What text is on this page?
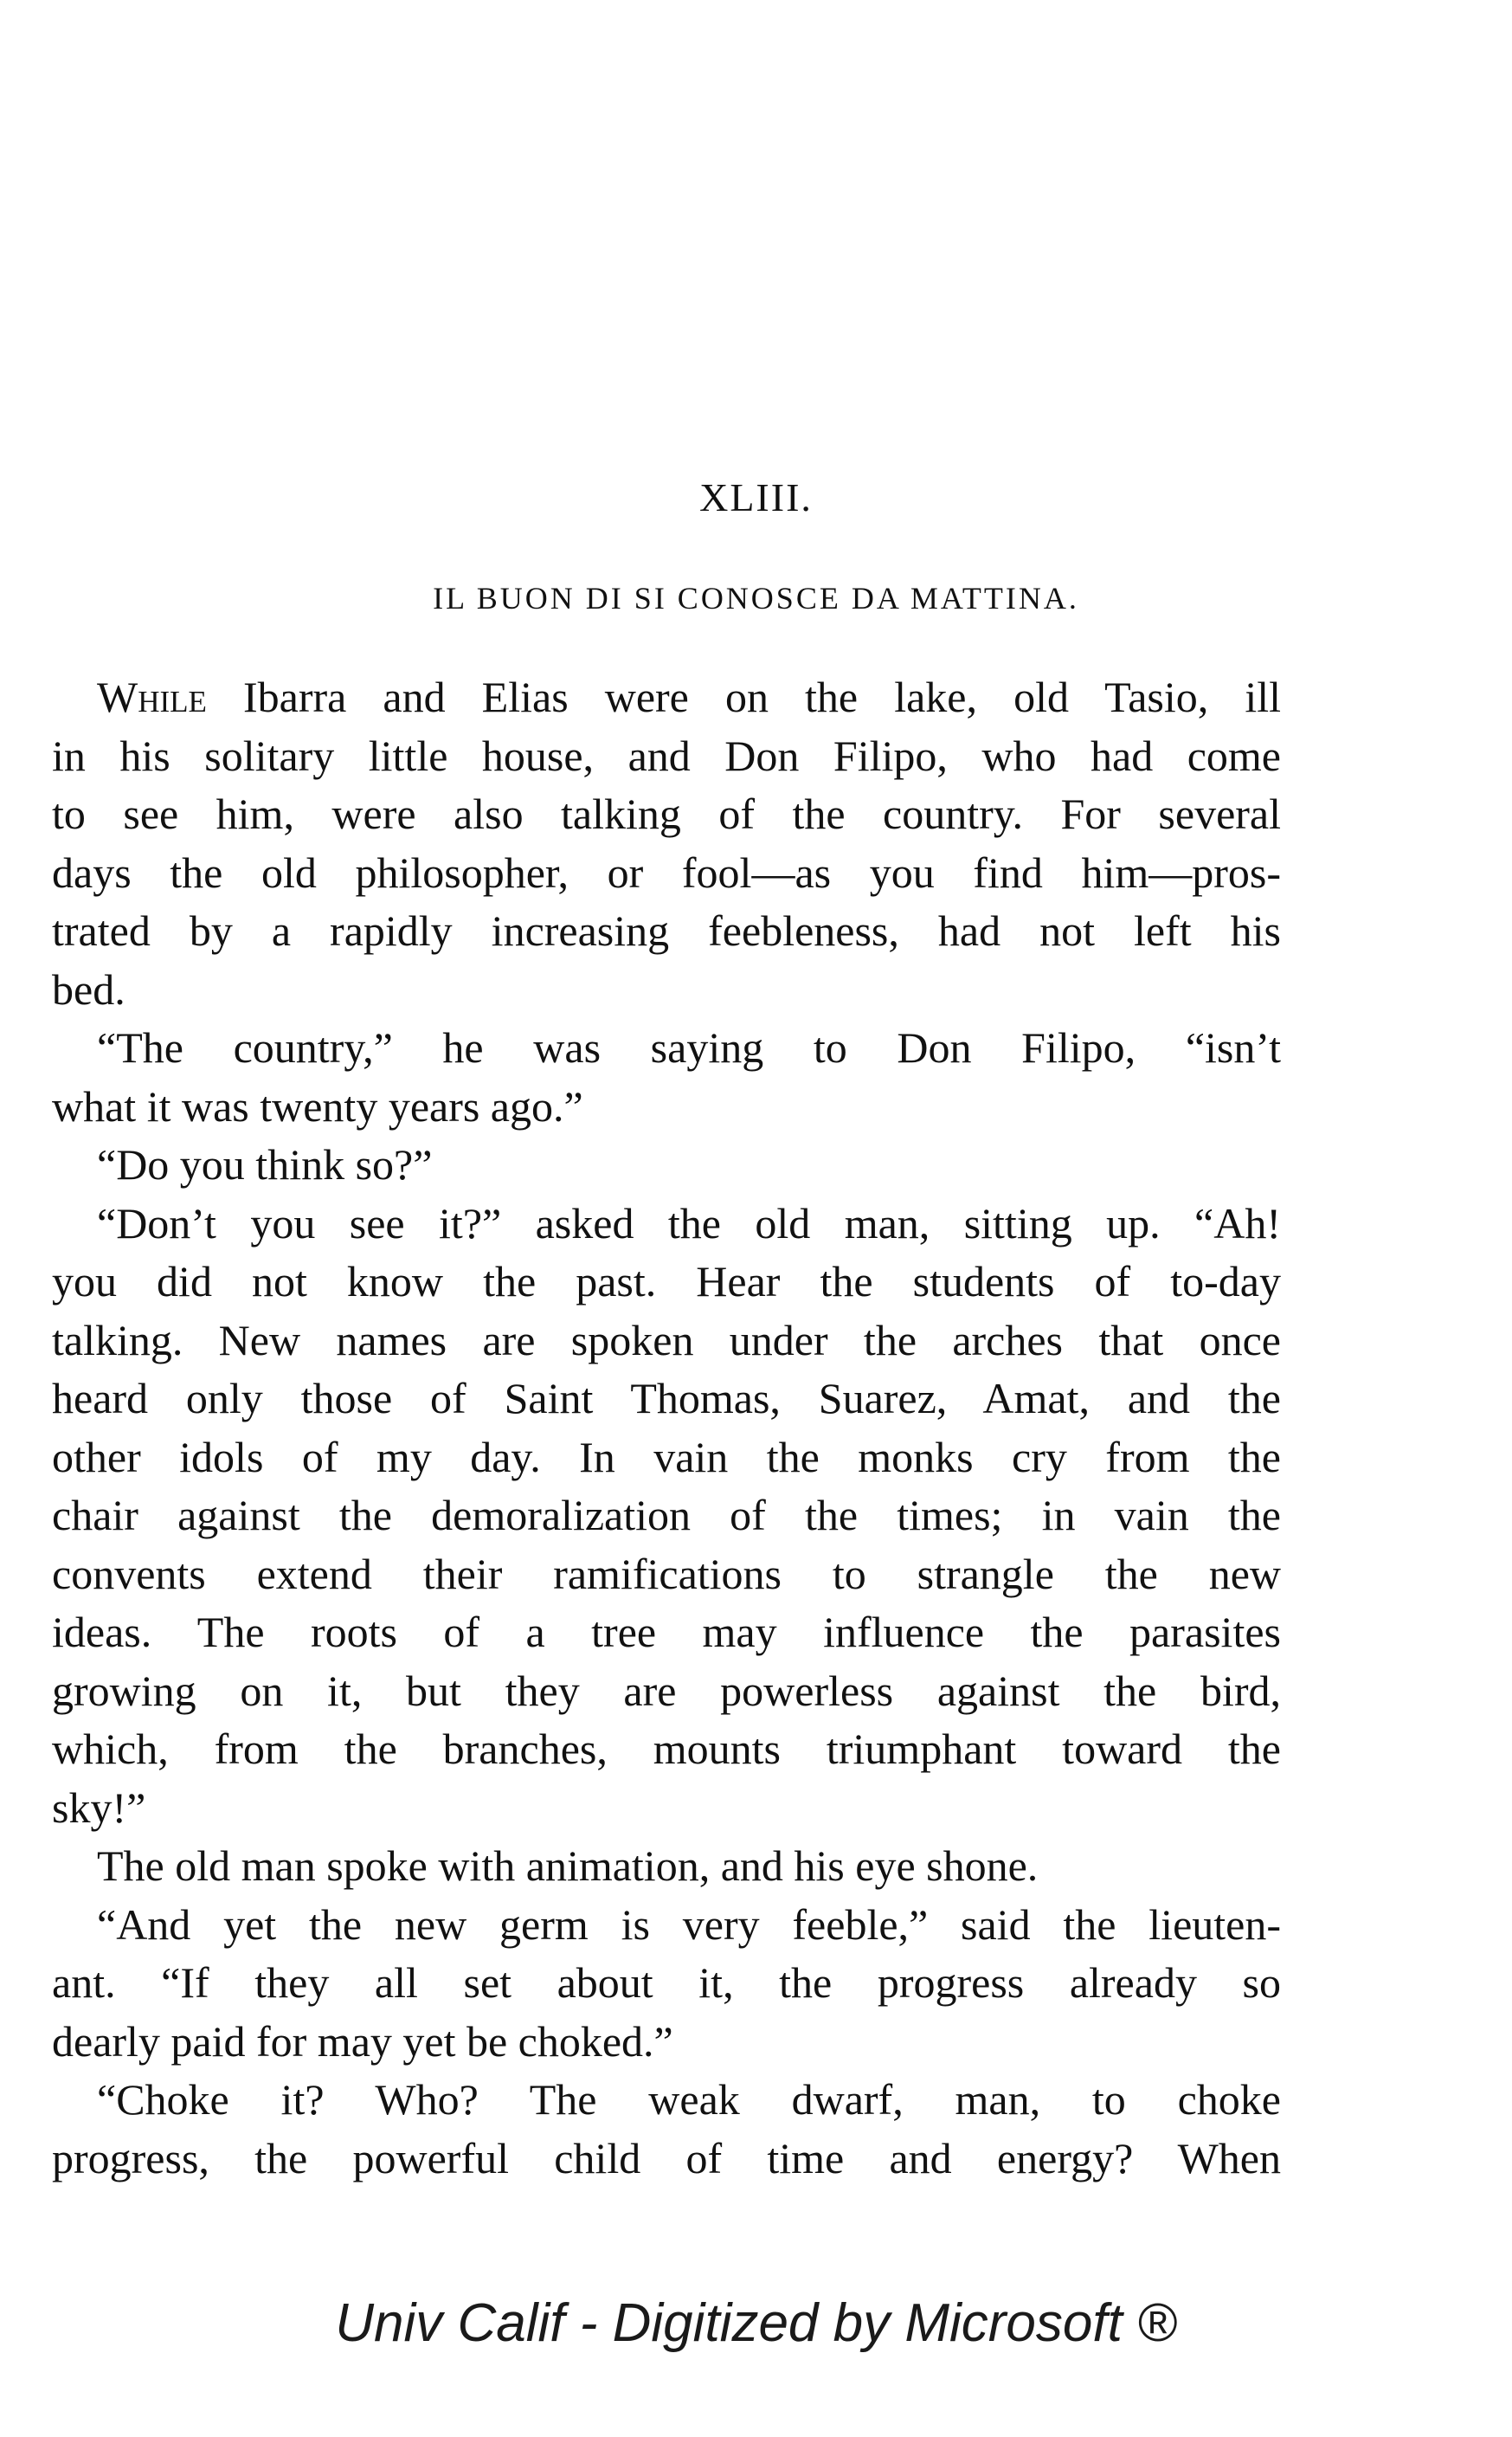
XLIII.
IL BUON DI SI CONOSCE DA MATTINA.
While Ibarra and Elias were on the lake, old Tasio, ill
in his solitary little house, and Don Filipo, who had come
to see him, were also talking of the country. For several
days the old philosopher, or fool—as you find him—pros-
trated by a rapidly increasing feebleness, had not left his
bed.
“The country,” he was saying to Don Filipo, “isn’t
what it was twenty years ago.”
“Do you think so?”
“Don’t you see it?” asked the old man, sitting up. “Ah!
you did not know the past. Hear the students of to-day
talking. New names are spoken under the arches that once
heard only those of Saint Thomas, Suarez, Amat, and the
other idols of my day. In vain the monks cry from the
chair against the demoralization of the times; in vain the
convents extend their ramifications to strangle the new
ideas. The roots of a tree may influence the parasites
growing on it, but they are powerless against the bird,
which, from the branches, mounts triumphant toward the
sky!”
The old man spoke with animation, and his eye shone.
“And yet the new germ is very feeble,” said the lieuten-
ant. “If they all set about it, the progress already so
dearly paid for may yet be choked.”
“Choke it? Who? The weak dwarf, man, to choke
progress, the powerful child of time and energy? When
Univ Calif - Digitized by Microsoft ®
